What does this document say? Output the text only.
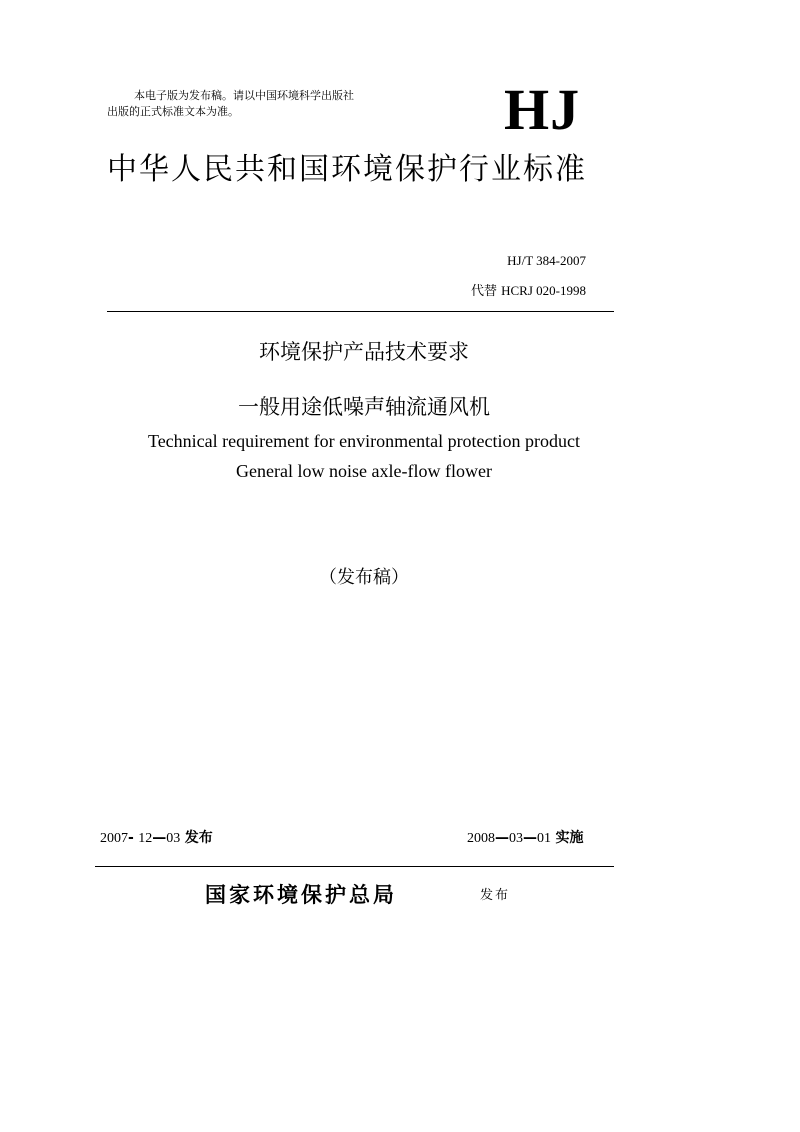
本电子版为发布稿。请以中国环境科学出版社
出版的正式标准文本为准。	HJ
中华人民共和国环境保护行业标准
HJ/T 384-2007
代替 HCRJ 020-1998
环境保护产品技术要求
一般用途低噪声轴流通风机
Technical requirement for environmental protection product
General low noise axle-flow flower
（发布稿）
2007- 12—03 发布	2008—03—01 实施
国家环境保护总局	发布
